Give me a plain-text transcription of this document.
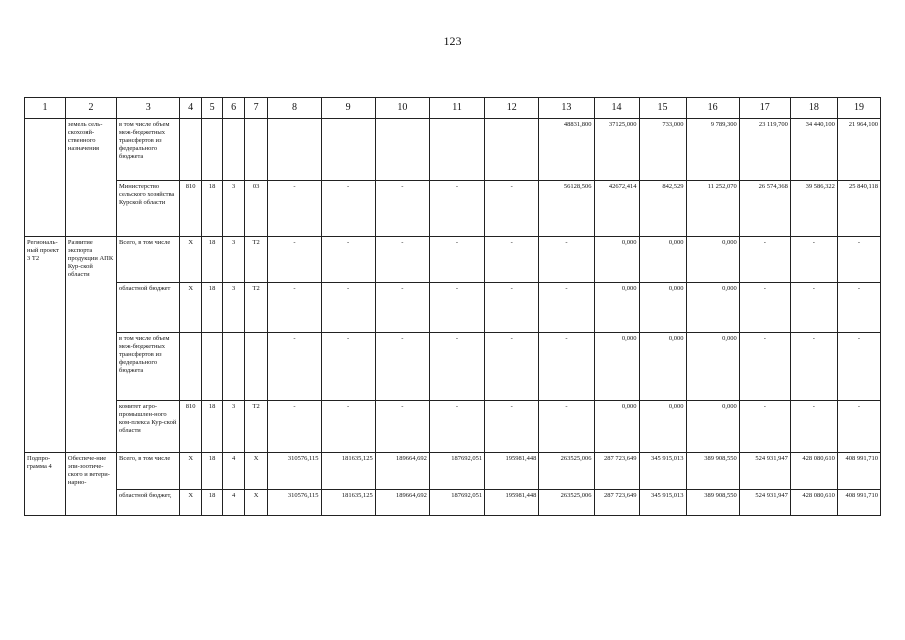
123
1	2	3	4	5	6	7	8	9	10	11	12	13	14	15	16	17	18	19
	земель сель-скохозяй-ственного назначения	в том числе объем меж-бюджетных трансфертов из федерального бюджета										48831,800	37125,000	733,000	9 789,300	23 119,700	34 440,100	21 964,100
		Министерство сельского хозяйства Курской области	810	18	3	03	-	-	-	-	-	56128,506	42672,414	842,529	11 252,070	26 574,368	39 586,322	25 840,118
Региональ-ный проект 3 Т2	Развитие экспорта продукции АПК Кур-ской области	Всего, в том числе	Х	18	3	Т2	-	-	-	-	-	-	0,000	0,000	0,000	-	-	-
		областной бюджет	Х	18	3	Т2	-	-	-	-	-	-	0,000	0,000	0,000	-	-	-
		в том числе объем меж-бюджетных трансфертов из федерального бюджета					-	-	-	-	-	-	0,000	0,000	0,000	-	-	-
		комитет агро-промышлен-ного ком-плекса Кур-ской области	810	18	3	Т2	-	-	-	-	-	-	0,000	0,000	0,000	-	-	-
Подпро-грамма 4	Обеспече-ние эпи-зоотиче-ского и ветери-нарно-	Всего, в том числе	Х	18	4	Х	310576,115	181635,125	189664,692	187692,051	195981,448	263525,006	287 723,649	345 915,013	389 908,550	524 931,947	428 080,610	408 991,710
		областной бюджет,	Х	18	4	Х	310576,115	181635,125	189664,692	187692,051	195981,448	263525,006	287 723,649	345 915,013	389 908,550	524 931,947	428 080,610	408 991,710
